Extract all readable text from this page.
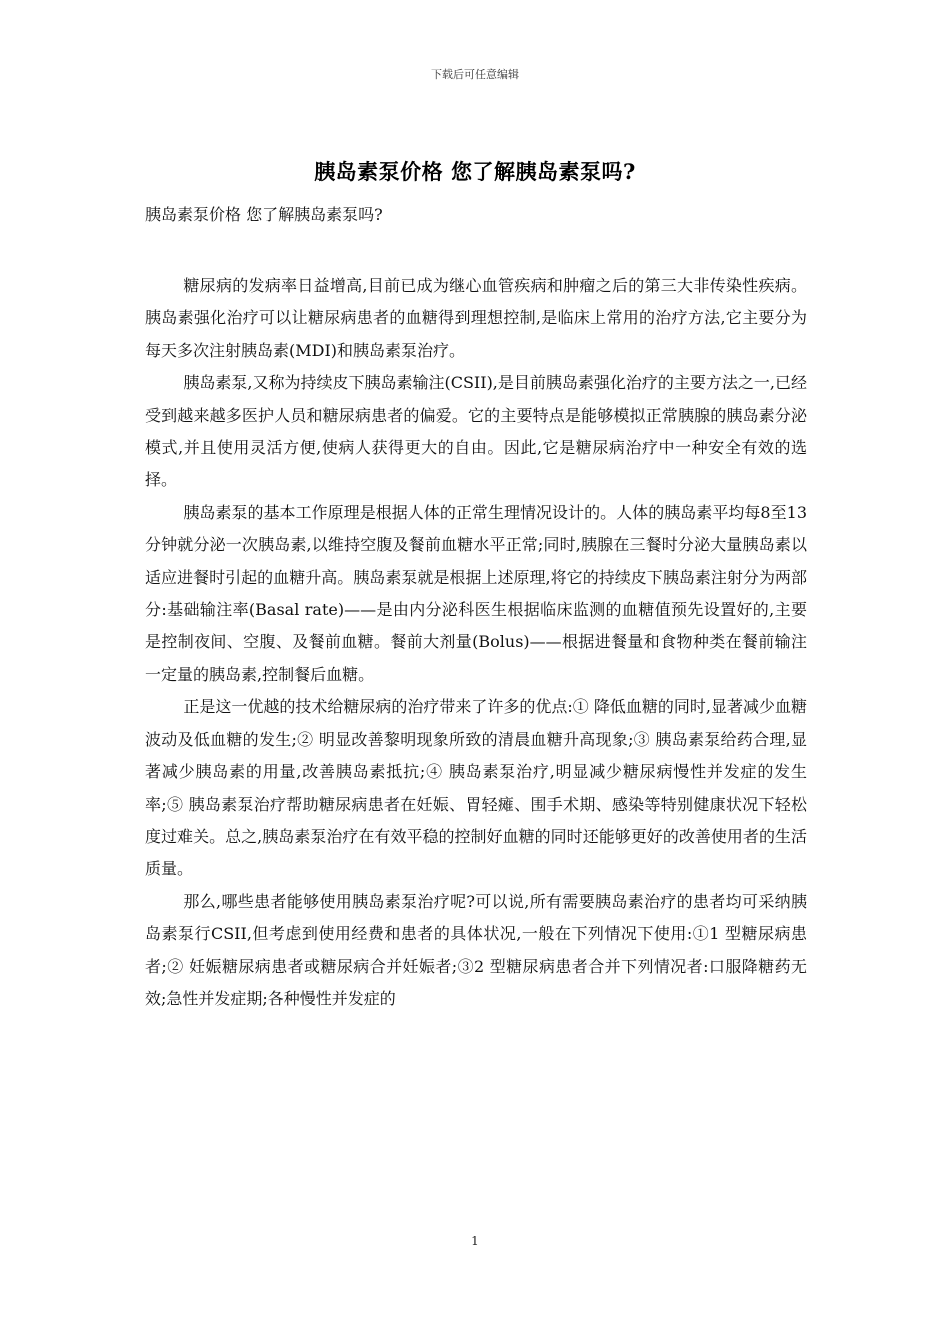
下载后可任意编辑
胰岛素泵价格 您了解胰岛素泵吗?
胰岛素泵价格 您了解胰岛素泵吗?

糖尿病的发病率日益增高,目前已成为继心血管疾病和肿瘤之后的第三大非传染性疾病。胰岛素强化治疗可以让糖尿病患者的血糖得到理想控制,是临床上常用的治疗方法,它主要分为每天多次注射胰岛素(MDI)和胰岛素泵治疗。

胰岛素泵,又称为持续皮下胰岛素输注(CSII),是目前胰岛素强化治疗的主要方法之一,已经受到越来越多医护人员和糖尿病患者的偏爱。它的主要特点是能够模拟正常胰腺的胰岛素分泌模式,并且使用灵活方便,使病人获得更大的自由。因此,它是糖尿病治疗中一种安全有效的选择。

胰岛素泵的基本工作原理是根据人体的正常生理情况设计的。人体的胰岛素平均每8至13分钟就分泌一次胰岛素,以维持空腹及餐前血糖水平正常;同时,胰腺在三餐时分泌大量胰岛素以适应进餐时引起的血糖升高。胰岛素泵就是根据上述原理,将它的持续皮下胰岛素注射分为两部分:基础输注率(Basal rate)——是由内分泌科医生根据临床监测的血糖值预先设置好的,主要是控制夜间、空腹、及餐前血糖。餐前大剂量(Bolus)——根据进餐量和食物种类在餐前输注一定量的胰岛素,控制餐后血糖。

正是这一优越的技术给糖尿病的治疗带来了许多的优点:① 降低血糖的同时,显著减少血糖波动及低血糖的发生;② 明显改善黎明现象所致的清晨血糖升高现象;③ 胰岛素泵给药合理,显著减少胰岛素的用量,改善胰岛素抵抗;④ 胰岛素泵治疗,明显减少糖尿病慢性并发症的发生率;⑤ 胰岛素泵治疗帮助糖尿病患者在妊娠、胃轻瘫、围手术期、感染等特别健康状况下轻松度过难关。总之,胰岛素泵治疗在有效平稳的控制好血糖的同时还能够更好的改善使用者的生活质量。

那么,哪些患者能够使用胰岛素泵治疗呢?可以说,所有需要胰岛素治疗的患者均可采纳胰岛素泵行CSII,但考虑到使用经费和患者的具体状况,一般在下列情况下使用:①1 型糖尿病患者;② 妊娠糖尿病患者或糖尿病合并妊娠者;③2 型糖尿病患者合并下列情况者:口服降糖药无效;急性并发症期;各种慢性并发症的

1
